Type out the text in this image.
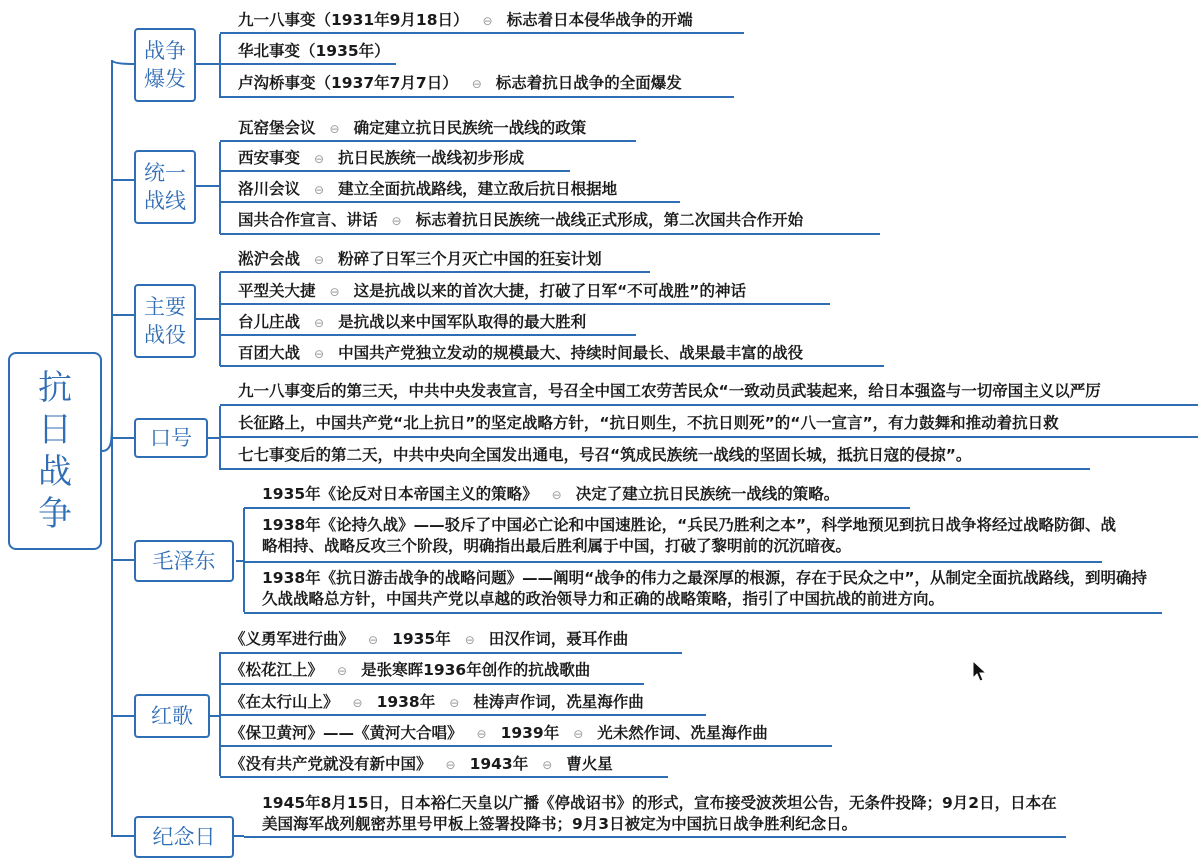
抗日战争
战争爆发
统一战线
主要战役
口号
毛泽东
红歌
纪念日
九一八事变（1931年9月18日） ⊖ 标志着日本侵华战争的开端
华北事变（1935年）
卢沟桥事变（1937年7月7日） ⊖ 标志着抗日战争的全面爆发
瓦窑堡会议 ⊖ 确定建立抗日民族统一战线的政策
西安事变 ⊖ 抗日民族统一战线初步形成
洛川会议 ⊖ 建立全面抗战路线，建立敌后抗日根据地
国共合作宣言、讲话 ⊖ 标志着抗日民族统一战线正式形成，第二次国共合作开始
淞沪会战 ⊖ 粉碎了日军三个月灭亡中国的狂妄计划
平型关大捷 ⊖ 这是抗战以来的首次大捷，打破了日军“不可战胜”的神话
台儿庄战 ⊖ 是抗战以来中国军队取得的最大胜利
百团大战 ⊖ 中国共产党独立发动的规模最大、持续时间最长、战果最丰富的战役
九一八事变后的第三天，中共中央发表宣言，号召全中国工农劳苦民众“一致动员武装起来，给日本强盗与一切帝国主义以严厉
长征路上，中国共产党“北上抗日”的坚定战略方针，“抗日则生，不抗日则死”的“八一宣言”，有力鼓舞和推动着抗日救
七七事变后的第二天，中共中央向全国发出通电，号召“筑成民族统一战线的坚固长城，抵抗日寇的侵掠”。
1935年《论反对日本帝国主义的策略》 ⊖ 决定了建立抗日民族统一战线的策略。
1938年《论持久战》——驳斥了中国必亡论和中国速胜论，“兵民乃胜利之本”，科学地预见到抗日战争将经过战略防御、战略相持、战略反攻三个阶段，明确指出最后胜利属于中国，打破了黎明前的沉沉暗夜。
1938年《抗日游击战争的战略问题》——阐明“战争的伟力之最深厚的根源，存在于民众之中”，从制定全面抗战路线，到明确持久战战略总方针，中国共产党以卓越的政治领导力和正确的战略策略，指引了中国抗战的前进方向。
《义勇军进行曲》 ⊖ 1935年 ⊖ 田汉作词，聂耳作曲
《松花江上》 ⊖ 是张寒晖1936年创作的抗战歌曲
《在太行山上》 ⊖ 1938年 ⊖ 桂涛声作词，冼星海作曲
《保卫黄河》——《黄河大合唱》 ⊖ 1939年 ⊖ 光未然作词、冼星海作曲
《没有共产党就没有新中国》 ⊖ 1943年 ⊖ 曹火星
1945年8月15日，日本裕仁天皇以广播《停战诏书》的形式，宣布接受波茨坦公告，无条件投降；9月2日，日本在美国海军战列舰密苏里号甲板上签署投降书；9月3日被定为中国抗日战争胜利纪念日。
